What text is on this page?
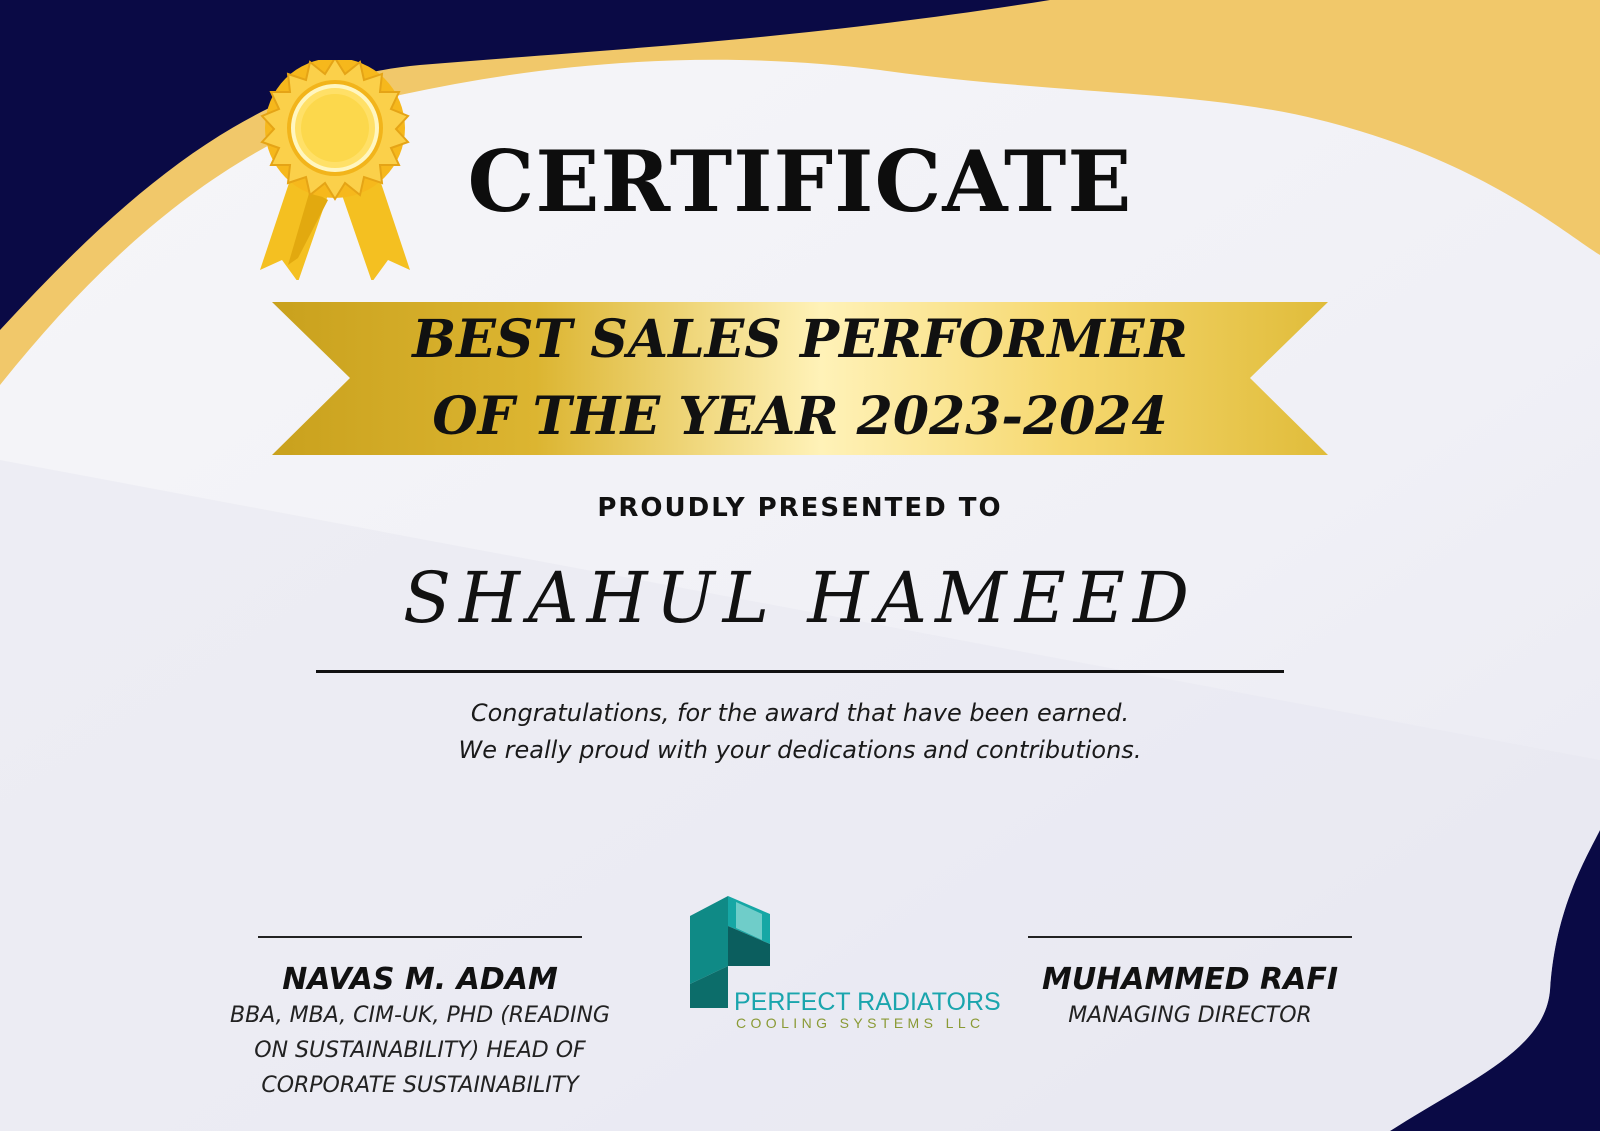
CERTIFICATE
BEST SALES PERFORMER
OF THE YEAR 2023-2024
PROUDLY PRESENTED TO
SHAHUL HAMEED
Congratulations, for the award that have been earned.
We really proud with your dedications and contributions.
NAVAS M. ADAM
BBA, MBA, CIM-UK, PHD (READING
ON SUSTAINABILITY) HEAD OF
CORPORATE SUSTAINABILITY
PERFECT RADIATORS
COOLING SYSTEMS LLC
MUHAMMED RAFI
MANAGING DIRECTOR
